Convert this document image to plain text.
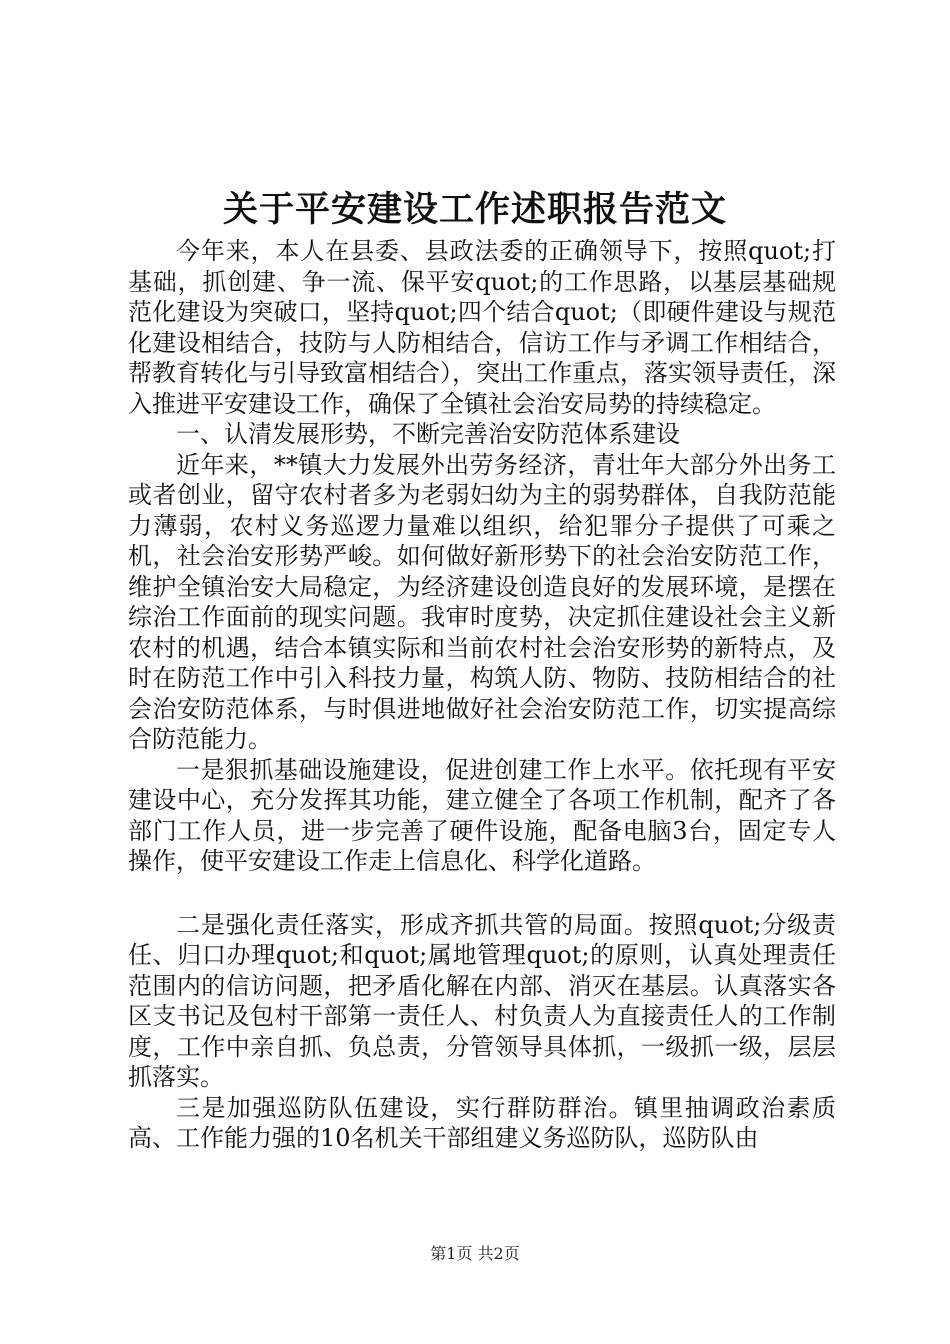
关于平安建设工作述职报告范文

今年来，本人在县委、县政法委的正确领导下，按照quot;打基础，抓创建、争一流、保平安quot;的工作思路，以基层基础规范化建设为突破口，坚持quot;四个结合quot;（即硬件建设与规范化建设相结合，技防与人防相结合，信访工作与矛调工作相结合，帮教育转化与引导致富相结合），突出工作重点，落实领导责任，深入推进平安建设工作，确保了全镇社会治安局势的持续稳定。

一、认清发展形势，不断完善治安防范体系建设

近年来，**镇大力发展外出劳务经济，青壮年大部分外出务工或者创业，留守农村者多为老弱妇幼为主的弱势群体，自我防范能力薄弱，农村义务巡逻力量难以组织，给犯罪分子提供了可乘之机，社会治安形势严峻。如何做好新形势下的社会治安防范工作，维护全镇治安大局稳定，为经济建设创造良好的发展环境，是摆在综治工作面前的现实问题。我审时度势，决定抓住建设社会主义新农村的机遇，结合本镇实际和当前农村社会治安形势的新特点，及时在防范工作中引入科技力量，构筑人防、物防、技防相结合的社会治安防范体系，与时俱进地做好社会治安防范工作，切实提高综合防范能力。

一是狠抓基础设施建设，促进创建工作上水平。依托现有平安建设中心，充分发挥其功能，建立健全了各项工作机制，配齐了各部门工作人员，进一步完善了硬件设施，配备电脑3台，固定专人操作，使平安建设工作走上信息化、科学化道路。

二是强化责任落实，形成齐抓共管的局面。按照quot;分级责任、归口办理quot;和quot;属地管理quot;的原则，认真处理责任范围内的信访问题，把矛盾化解在内部、消灭在基层。认真落实各区支书记及包村干部第一责任人、村负责人为直接责任人的工作制度，工作中亲自抓、负总责，分管领导具体抓，一级抓一级，层层抓落实。

三是加强巡防队伍建设，实行群防群治。镇里抽调政治素质高、工作能力强的10名机关干部组建义务巡防队，巡防队由

第1页 共2页
